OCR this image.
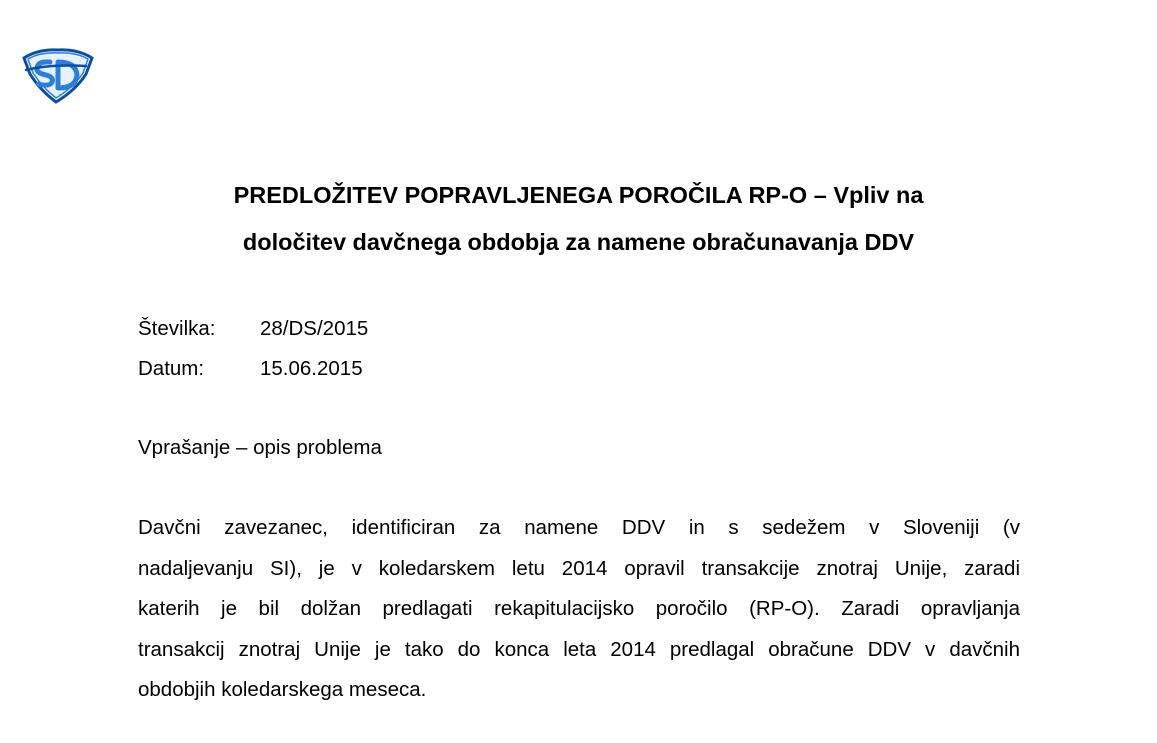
PREDLOŽITEV POPRAVLJENEGA POROČILA RP-O – Vpliv na
določitev davčnega obdobja za namene obračunavanja DDV
Številka:	28/DS/2015
Datum:	15.06.2015
Vprašanje – opis problema
Davčni zavezanec, identificiran za namene DDV in s sedežem v Sloveniji (v
nadaljevanju SI), je v koledarskem letu 2014 opravil transakcije znotraj Unije, zaradi
katerih je bil dolžan predlagati rekapitulacijsko poročilo (RP-O). Zaradi opravljanja
transakcij znotraj Unije je tako do konca leta 2014 predlagal obračune DDV v davčnih
obdobjih koledarskega meseca.
